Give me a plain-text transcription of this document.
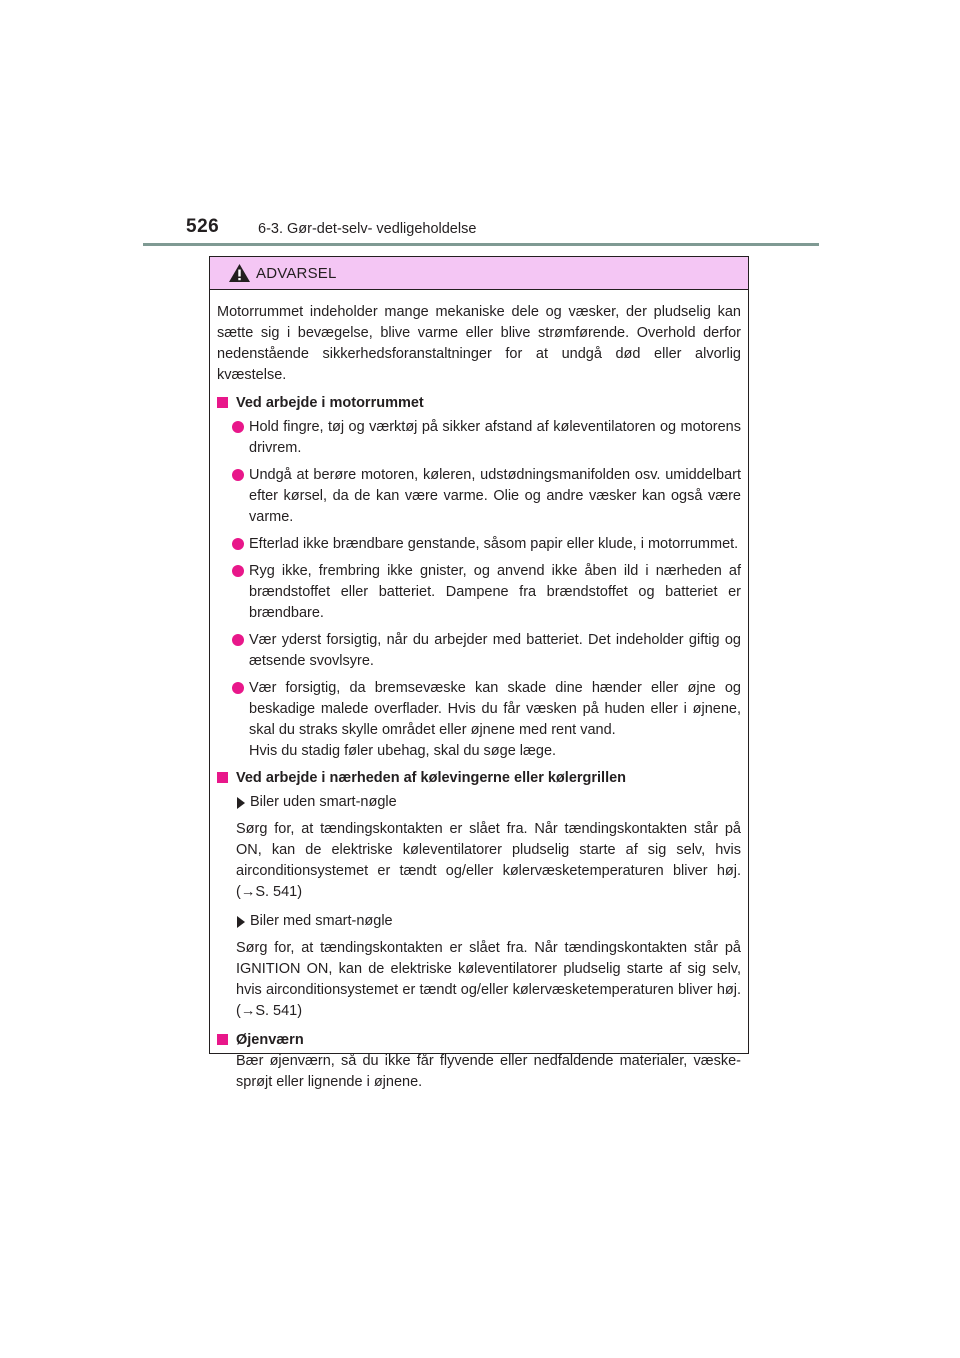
526	6-3. Gør-det-selv- vedligeholdelse
ADVARSEL

Motorrummet indeholder mange mekaniske dele og væsker, der pludselig kan sætte sig i bevægelse, blive varme eller blive strømførende. Overhold derfor nedenstående sikkerhedsforanstaltninger for at undgå død eller alvorlig kvæstelse.

Ved arbejde i motorrummet

Hold fingre, tøj og værktøj på sikker afstand af køleventilatoren og motorens drivrem.

Undgå at berøre motoren, køleren, udstødningsmanifolden osv. umiddelbart efter kørsel, da de kan være varme. Olie og andre væsker kan også være varme.

Efterlad ikke brændbare genstande, såsom papir eller klude, i motorrummet.

Ryg ikke, frembring ikke gnister, og anvend ikke åben ild i nærheden af brændstoffet eller batteriet. Dampene fra brændstoffet og batteriet er brændbare.

Vær yderst forsigtig, når du arbejder med batteriet. Det indeholder giftig og ætsende svovlsyre.

Vær forsigtig, da bremsevæske kan skade dine hænder eller øjne og beskadige malede overflader. Hvis du får væsken på huden eller i øjnene, skal du straks skylle området eller øjnene med rent vand.

Hvis du stadig føler ubehag, skal du søge læge.

Ved arbejde i nærheden af kølevingerne eller kølergrillen
Biler uden smart-nøgle

Sørg for, at tændingskontakten er slået fra. Når tændingskontakten står på ON, kan de elektriske køleventilatorer pludselig starte af sig selv, hvis airconditionsystemet er tændt og/eller kølervæsketemperaturen bliver høj. (→S. 541)

Biler med smart-nøgle

Sørg for, at tændingskontakten er slået fra. Når tændingskontakten står på IGNITION ON, kan de elektriske køleventilatorer pludselig starte af sig selv, hvis airconditionsystemet er tændt og/eller kølervæsketemperaturen bliver høj. (→S. 541)

Øjenværn

Bær øjenværn, så du ikke får flyvende eller nedfaldende materialer, væske-sprøjt eller lignende i øjnene.
